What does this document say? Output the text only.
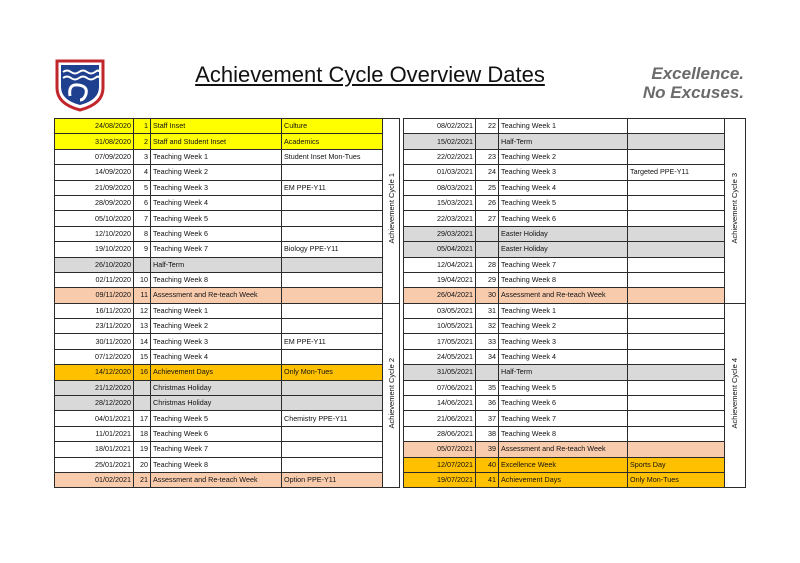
Achievement Cycle Overview Dates	Excellence.
No Excuses.
24/08/2020	1	Staff Inset	Culture	Achievement Cycle 1
31/08/2020	2	Staff and Student Inset	Academics	
07/09/2020	3	Teaching Week 1	Student Inset Mon-Tues	
14/09/2020	4	Teaching Week 2		
21/09/2020	5	Teaching Week 3	EM PPE-Y11	
28/09/2020	6	Teaching Week 4		
05/10/2020	7	Teaching Week 5		
12/10/2020	8	Teaching Week 6		
19/10/2020	9	Teaching Week 7	Biology PPE-Y11	
26/10/2020		Half-Term		
02/11/2020	10	Teaching Week 8		
09/11/2020	11	Assessment and Re-teach Week		
16/11/2020	12	Teaching Week 1		Achievement Cycle 2
23/11/2020	13	Teaching Week 2		
30/11/2020	14	Teaching Week 3	EM PPE-Y11	
07/12/2020	15	Teaching Week 4		
14/12/2020	16	Achievement Days	Only Mon-Tues	
21/12/2020		Christmas Holiday		
28/12/2020		Christmas Holiday		
04/01/2021	17	Teaching Week 5	Chemistry PPE-Y11	
11/01/2021	18	Teaching Week 6		
18/01/2021	19	Teaching Week 7		
25/01/2021	20	Teaching Week 8		
01/02/2021	21	Assessment and Re-teach Week	Option PPE-Y11	
08/02/2021	22	Teaching Week 1		Achievement Cycle 3
15/02/2021		Half-Term		
22/02/2021	23	Teaching Week 2		
01/03/2021	24	Teaching Week 3	Targeted PPE-Y11	
08/03/2021	25	Teaching Week 4		
15/03/2021	26	Teaching Week 5		
22/03/2021	27	Teaching Week 6		
29/03/2021		Easter Holiday		
05/04/2021		Easter Holiday		
12/04/2021	28	Teaching Week 7		
19/04/2021	29	Teaching Week 8		
26/04/2021	30	Assessment and Re-teach Week		
03/05/2021	31	Teaching Week 1		Achievement Cycle 4
10/05/2021	32	Teaching Week 2		
17/05/2021	33	Teaching Week 3		
24/05/2021	34	Teaching Week 4		
31/05/2021		Half-Term		
07/06/2021	35	Teaching Week 5		
14/06/2021	36	Teaching Week 6		
21/06/2021	37	Teaching Week 7		
28/06/2021	38	Teaching Week 8		
05/07/2021	39	Assessment and Re-teach Week		
12/07/2021	40	Excellence Week	Sports Day	
19/07/2021	41	Achievement Days	Only Mon-Tues	
